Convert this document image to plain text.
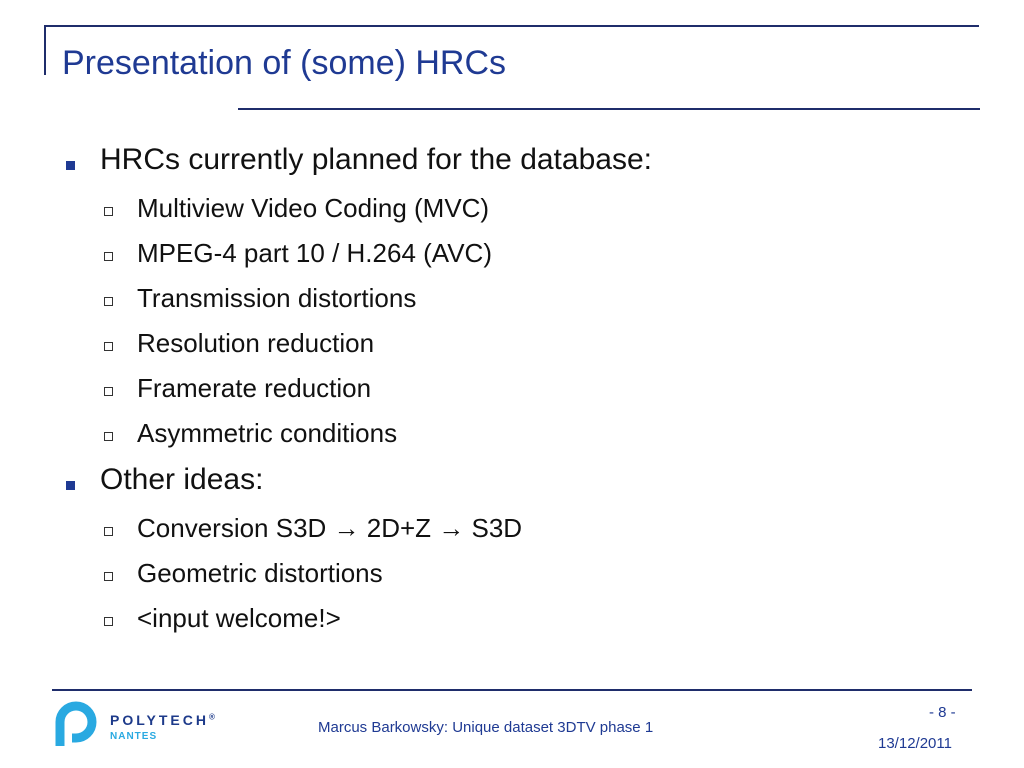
Presentation of (some) HRCs
HRCs currently planned for the database:
Multiview Video Coding (MVC)
MPEG-4 part 10 / H.264 (AVC)
Transmission distortions
Resolution reduction
Framerate reduction
Asymmetric conditions
Other ideas:
Conversion S3D → 2D+Z → S3D
Geometric distortions
<input welcome!>
POLYTECH®
NANTES
Marcus Barkowsky: Unique dataset 3DTV phase 1
- 8 -
13/12/2011
